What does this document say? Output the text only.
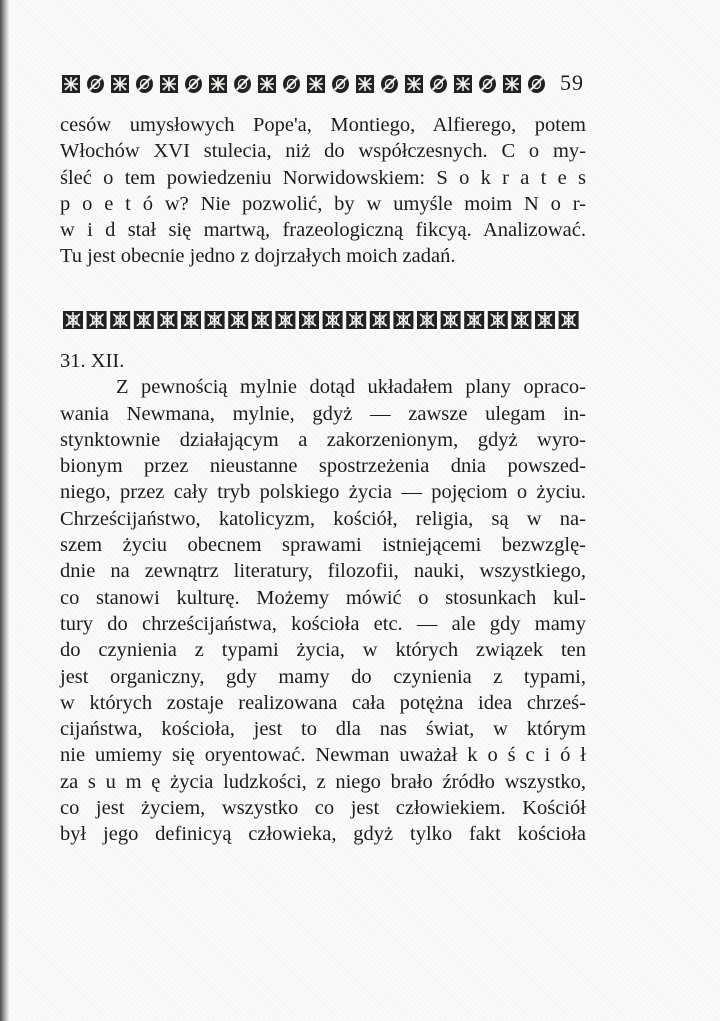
59
cesów umysłowych Pope'a, Montiego, Alfierego, potem
Włochów XVI stulecia, niż do współczesnych. C o my-
śleć o tem powiedzeniu Norwidowskiem: S o k r a t e s
p o e t ó w? Nie pozwolić, by w umyśle moim N o r-
w i d stał się martwą, frazeologiczną fikcyą. Analizować.
Tu jest obecnie jedno z dojrzałych moich zadań.
31. XII.
Z pewnością mylnie dotąd układałem plany opraco-
wania Newmana, mylnie, gdyż — zawsze ulegam in-
stynktownie działającym a zakorzenionym, gdyż wyro-
bionym przez nieustanne spostrzeżenia dnia powszed-
niego, przez cały tryb polskiego życia — pojęciom o życiu.
Chrześcijaństwo, katolicyzm, kościół, religia, są w na-
szem życiu obecnem sprawami istniejącemi bezwzglę-
dnie na zewnątrz literatury, filozofii, nauki, wszystkiego,
co stanowi kulturę. Możemy mówić o stosunkach kul-
tury do chrześcijaństwa, kościoła etc. — ale gdy mamy
do czynienia z typami życia, w których związek ten
jest organiczny, gdy mamy do czynienia z typami,
w których zostaje realizowana cała potężna idea chrześ-
cijaństwa, kościoła, jest to dla nas świat, w którym
nie umiemy się oryentować. Newman uważał k o ś c i ó ł
za s u m ę życia ludzkości, z niego brało źródło wszystko,
co jest życiem, wszystko co jest człowiekiem. Kościół
był jego definicyą człowieka, gdyż tylko fakt kościoła
